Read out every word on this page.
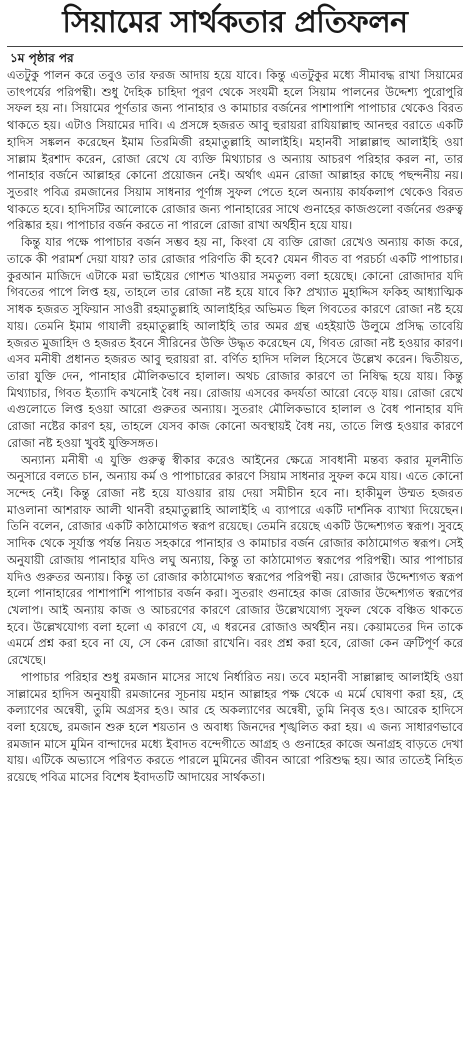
সিয়ামের সার্থকতার প্রতিফলন
১ম পৃষ্ঠার পর

এতটুকু পালন করে তবুও তার ফরজ আদায় হয়ে যাবে। কিন্তু এতটুকুর মধ্যে সীমাবদ্ধ রাখা সিয়ামের তাৎপর্যের পরিপন্থী। শুধু দৈহিক চাহিদা পূরণ থেকে সংযমী হলে সিয়াম পালনের উদ্দেশ্য পুরোপুরি সফল হয় না। সিয়ামের পূর্ণতার জন্য পানাহার ও কামাচার বর্জনের পাশাপাশি পাপাচার থেকেও বিরত থাকতে হয়। এটাও সিয়ামের দাবি। এ প্রসঙ্গে হজরত আবু হুরায়রা রাযিয়াল্লাহু আনহুর বরাতে একটি হাদিস সঙ্কলন করেছেন ইমাম তিরমিজী রহমাতুল্লাহি আলাইহি। মহানবী সাল্লাল্লাহু আলাইহি ওয়া সাল্লাম ইরশাদ করেন, রোজা রেখে যে ব্যক্তি মিথ্যাচার ও অন্যায় আচরণ পরিহার করল না, তার পানাহার বর্জনে আল্লাহর কোনো প্রয়োজন নেই। অর্থাৎ এমন রোজা আল্লাহর কাছে পছন্দনীয় নয়। সুতরাং পবিত্র রমজানের সিয়াম সাধনার পূর্ণাঙ্গ সুফল পেতে হলে অন্যায় কার্যকলাপ থেকেও বিরত থাকতে হবে। হাদিসটির আলোকে রোজার জন্য পানাহারের সাথে গুনাহের কাজগুলো বর্জনের গুরুত্ব পরিষ্কার হয়। পাপাচার বর্জন করতে না পারলে রোজা রাখা অর্থহীন হয়ে যায়।

কিন্তু যার পক্ষে পাপাচার বর্জন সম্ভব হয় না, কিংবা যে ব্যক্তি রোজা রেখেও অন্যায় কাজ করে, তাকে কী পরামর্শ দেয়া যায়? তার রোজার পরিণতি কী হবে? যেমন গীবত বা পরচর্চা একটি পাপাচার। কুরআন মাজিদে এটাকে মরা ভাইয়ের গোশত খাওয়ার সমতুল্য বলা হয়েছে। কোনো রোজাদার যদি গিবতের পাপে লিপ্ত হয়, তাহলে তার রোজা নষ্ট হয়ে যাবে কি? প্রখ্যাত মুহাদ্দিস ফকিহ আধ্যাত্মিক সাধক হজরত সুফিয়ান সাওরী রহমাতুল্লাহি আলাইহির অভিমত ছিল গিবতের কারণে রোজা নষ্ট হয়ে যায়। তেমনি ইমাম গাযালী রহমাতুল্লাহি আলাইহি তার অমর গ্রন্থ এহইয়াউ উলুমে প্রসিদ্ধ তাবেয়ি হজরত মুজাহিদ ও হজরত ইবনে সীরিনের উক্তি উদ্ধৃত করেছেন যে, গিবত রোজা নষ্ট হওয়ার কারণ। এসব মনীষী প্রধানত হজরত আবু হুরায়রা রা. বর্ণিত হাদিস দলিল হিসেবে উল্লেখ করেন। দ্বিতীয়ত, তারা যুক্তি দেন, পানাহার মৌলিকভাবে হালাল। অথচ রোজার কারণে তা নিষিদ্ধ হয়ে যায়। কিন্তু মিথ্যাচার, গিবত ইত্যাদি কখনোই বৈধ নয়। রোজায় এসবের কদর্যতা আরো বেড়ে যায়। রোজা রেখে এগুলোতে লিপ্ত হওয়া আরো গুরুতর অন্যায়। সুতরাং মৌলিকভাবে হালাল ও বৈধ পানাহার যদি রোজা নষ্টের কারণ হয়, তাহলে যেসব কাজ কোনো অবস্থায়ই বৈধ নয়, তাতে লিপ্ত হওয়ার কারণে রোজা নষ্ট হওয়া খুবই যুক্তিসঙ্গত।

অন্যান্য মনীষী এ যুক্তি গুরুত্ব স্বীকার করেও আইনের ক্ষেত্রে সাবধানী মন্তব্য করার মূলনীতি অনুসারে বলতে চান, অন্যায় কর্ম ও পাপাচারের কারণে সিয়াম সাধনার সুফল কমে যায়। এতে কোনো সন্দেহ নেই। কিন্তু রোজা নষ্ট হয়ে যাওয়ার রায় দেয়া সমীচীন হবে না। হাকীমুল উম্মত হজরত মাওলানা আশরাফ আলী থানবী রহমাতুল্লাহি আলাইহি এ ব্যাপারে একটি দার্শনিক ব্যাখ্যা দিয়েছেন। তিনি বলেন, রোজার একটি কাঠামোগত স্বরূপ রয়েছে। তেমনি রয়েছে একটি উদ্দেশ্যগত স্বরূপ। সুবহে সাদিক থেকে সূর্যাস্ত পর্যন্ত নিয়ত সহকারে পানাহার ও কামাচার বর্জন রোজার কাঠামোগত স্বরূপ। সেই অনুযায়ী রোজায় পানাহার যদিও লঘু অন্যায়, কিন্তু তা কাঠামোগত স্বরূপের পরিপন্থী। আর পাপাচার যদিও গুরুতর অন্যায়। কিন্তু তা রোজার কাঠামোগত স্বরূপের পরিপন্থী নয়। রোজার উদ্দেশ্যগত স্বরূপ হলো পানাহারের পাশাপাশি পাপাচার বর্জন করা। সুতরাং গুনাহের কাজ রোজার উদ্দেশ্যগত স্বরূপের খেলাপ। আই অন্যায় কাজ ও আচরণের কারণে রোজার উল্লেখযোগ্য সুফল থেকে বঞ্চিত থাকতে হবে। উল্লেখযোগ্য বলা হলো এ কারণে যে, এ ধরনের রোজাও অর্থহীন নয়। কেয়ামতের দিন তাকে এমর্মে প্রশ্ন করা হবে না যে, সে কেন রোজা রাখেনি। বরং প্রশ্ন করা হবে, রোজা কেন ত্রুটিপূর্ণ করে রেখেছে।

পাপাচার পরিহার শুধু রমজান মাসের সাথে নির্ধারিত নয়। তবে মহানবী সাল্লাল্লাহু আলাইহি ওয়া সাল্লামের হাদিস অনুযায়ী রমজানের সূচনায় মহান আল্লাহর পক্ষ থেকে এ মর্মে ঘোষণা করা হয়, হে কল্যাণের অন্বেষী, তুমি অগ্রসর হও। আর হে অকল্যাণের অন্বেষী, তুমি নিবৃত্ত হও। আরেক হাদিসে বলা হয়েছে, রমজান শুরু হলে শয়তান ও অবাধ্য জিনদের শৃঙ্খলিত করা হয়। এ জন্য সাধারণভাবে রমজান মাসে মুমিন বান্দাদের মধ্যে ইবাদত বন্দেগীতে আগ্রহ ও গুনাহের কাজে অনাগ্রহ বাড়তে দেখা যায়। এটিকে অভ্যাসে পরিণত করতে পারলে মুমিনের জীবন আরো পরিশুদ্ধ হয়। আর তাতেই নিহিত রয়েছে পবিত্র মাসের বিশেষ ইবাদতটি আদায়ের সার্থকতা।
